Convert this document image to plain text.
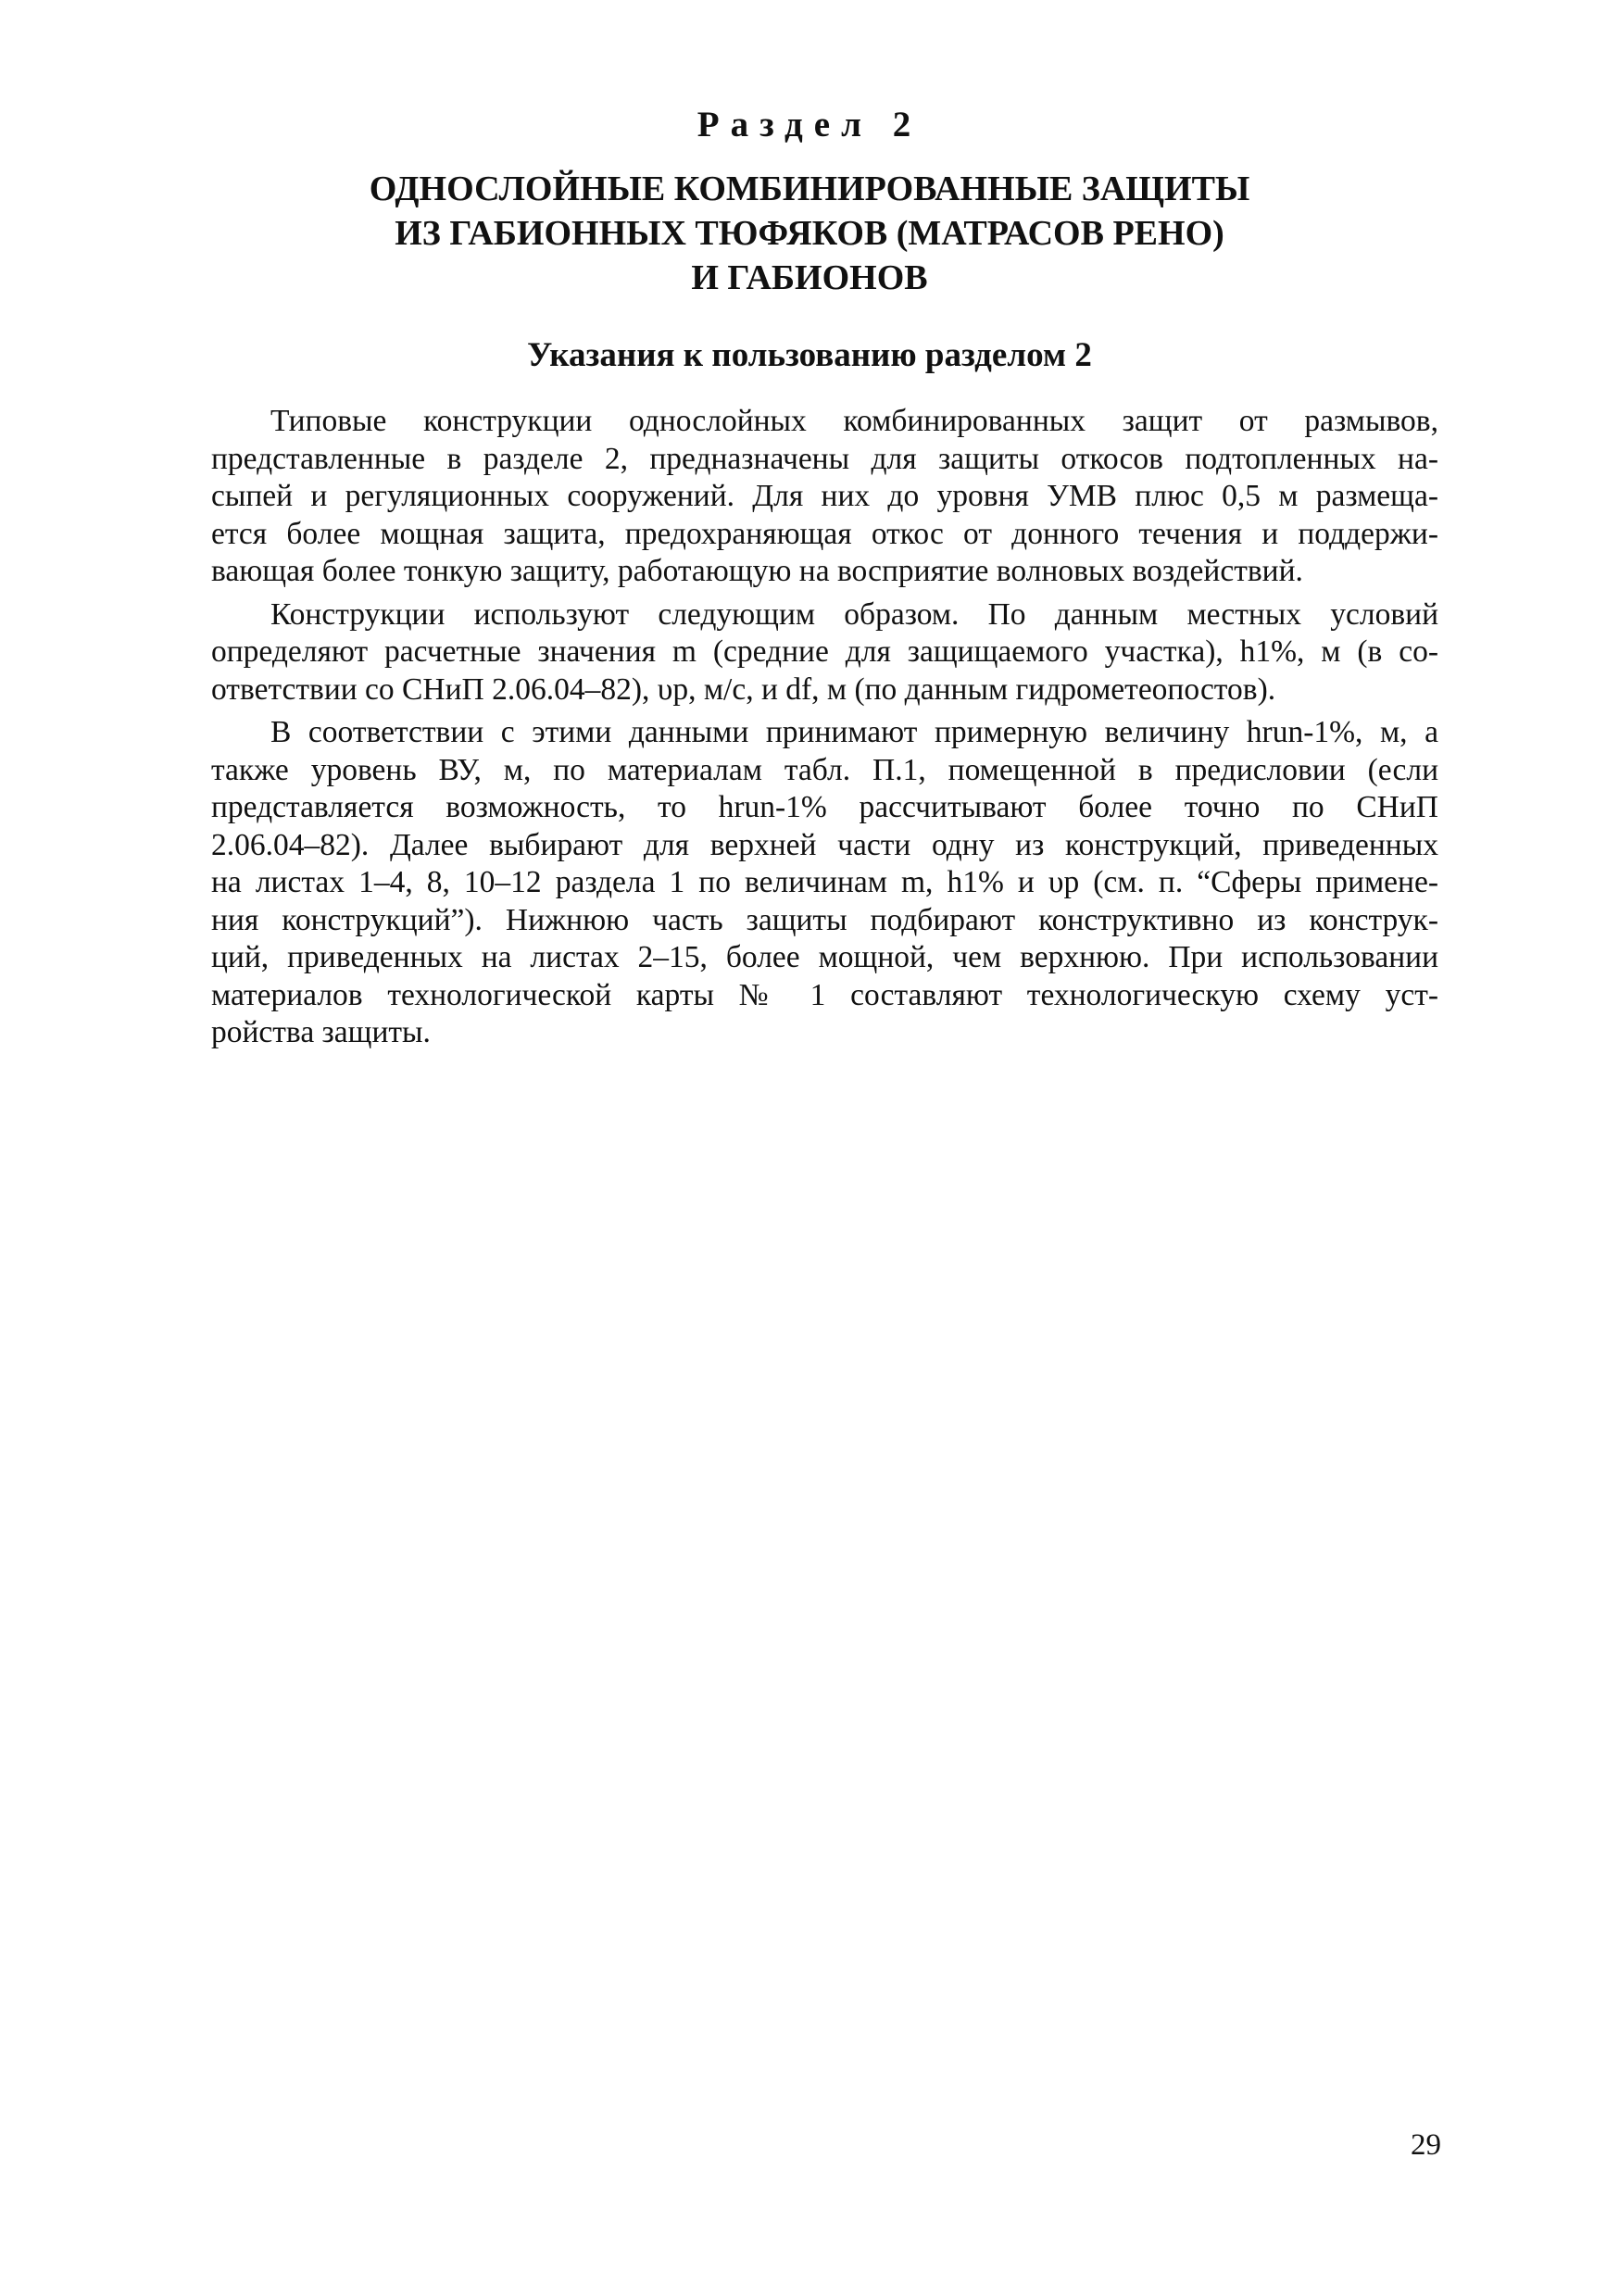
Раздел 2
ОДНОСЛОЙНЫЕ КОМБИНИРОВАННЫЕ ЗАЩИТЫ
ИЗ ГАБИОННЫХ ТЮФЯКОВ (МАТРАСОВ РЕНО)
И ГАБИОНОВ
Указания к пользованию разделом 2

Типовые конструкции однослойных комбинированных защит от размывов,
представленные в разделе 2, предназначены для защиты откосов подтопленных на-
сыпей и регуляционных сооружений. Для них до уровня УМВ плюс 0,5 м размеща-
ется более мощная защита, предохраняющая откос от донного течения и поддержи-
вающая более тонкую защиту, работающую на восприятие волновых воздействий.

Конструкции используют следующим образом. По данным местных условий
определяют расчетные значения m (средние для защищаемого участка), h1%, м (в со-
ответствии со СНиП 2.06.04–82), υp, м/с, и df, м (по данным гидрометеопостов).

В соответствии с этими данными принимают примерную величину hrun-1%, м, а
также уровень ВУ, м, по материалам табл. П.1, помещенной в предисловии (если
представляется возможность, то hrun-1% рассчитывают более точно по СНиП
2.06.04–82). Далее выбирают для верхней части одну из конструкций, приведенных
на листах 1–4, 8, 10–12 раздела 1 по величинам m, h1% и υp (см. п. “Сферы примене-
ния конструкций”). Нижнюю часть защиты подбирают конструктивно из конструк-
ций, приведенных на листах 2–15, более мощной, чем верхнюю. При использовании
материалов технологической карты № 1 составляют технологическую схему уст-
ройства защиты.

29
